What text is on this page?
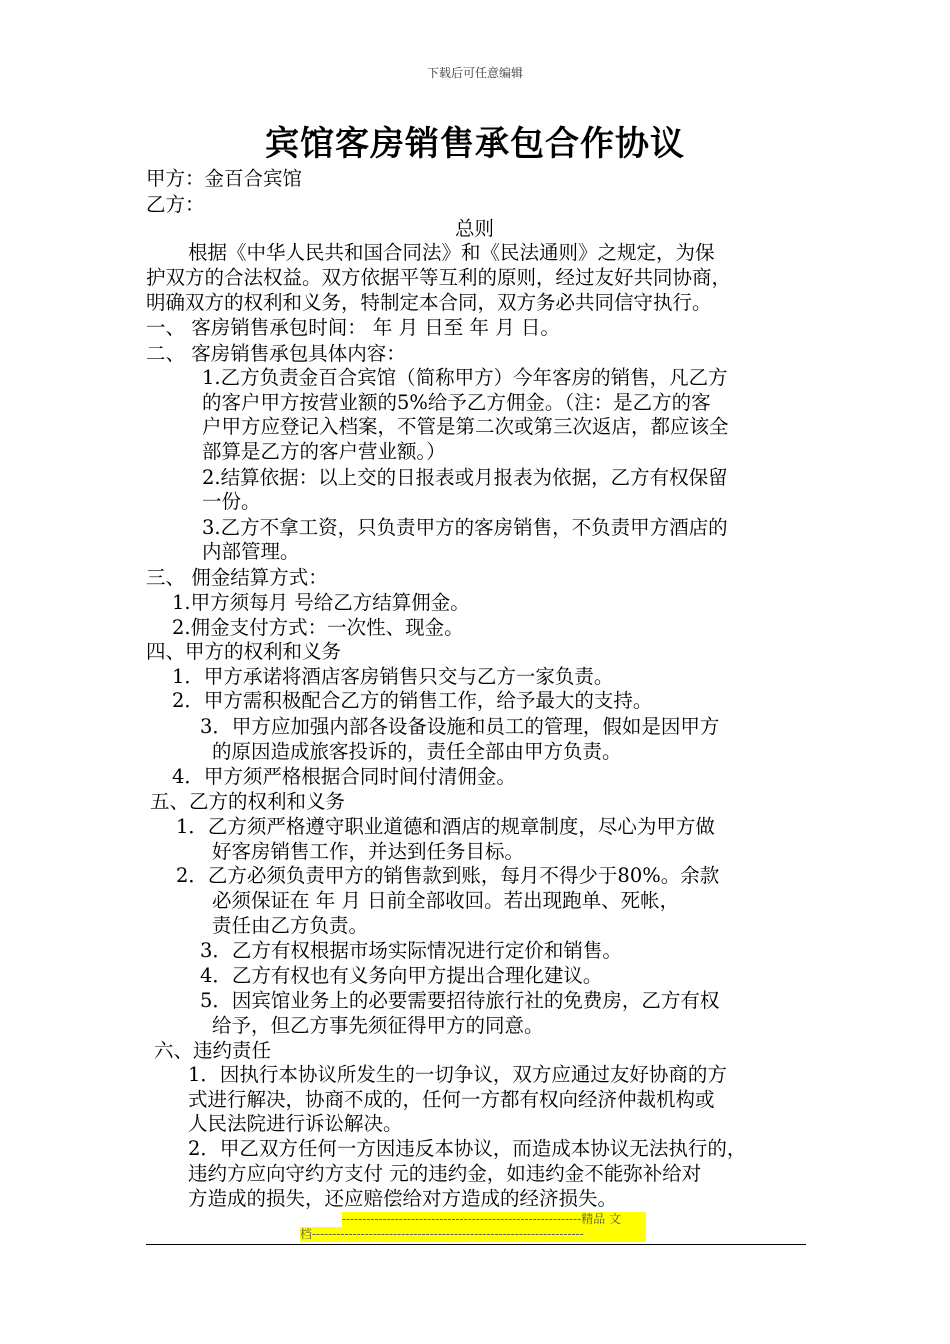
下载后可任意编辑
宾馆客房销售承包合作协议
甲方：金百合宾馆
乙方：
总则
根据《中华人民共和国合同法》和《民法通则》之规定，为保
护双方的合法权益。双方依据平等互利的原则，经过友好共同协商，
明确双方的权利和义务，特制定本合同，双方务必共同信守执行。
一、 客房销售承包时间： 年 月 日至 年 月 日。
二、 客房销售承包具体内容：
1.乙方负责金百合宾馆（简称甲方）今年客房的销售，凡乙方
的客户甲方按营业额的5%给予乙方佣金。（注：是乙方的客
户甲方应登记入档案，不管是第二次或第三次返店，都应该全
部算是乙方的客户营业额。）
2.结算依据：以上交的日报表或月报表为依据，乙方有权保留
一份。
3.乙方不拿工资，只负责甲方的客房销售，不负责甲方酒店的
内部管理。
三、 佣金结算方式：
1.甲方须每月 号给乙方结算佣金。
2.佣金支付方式：一次性、现金。
四、甲方的权利和义务
1．甲方承诺将酒店客房销售只交与乙方一家负责。
2．甲方需积极配合乙方的销售工作，给予最大的支持。
3．甲方应加强内部各设备设施和员工的管理，假如是因甲方
的原因造成旅客投诉的，责任全部由甲方负责。
4．甲方须严格根据合同时间付清佣金。
五、乙方的权利和义务
1．乙方须严格遵守职业道德和酒店的规章制度，尽心为甲方做
好客房销售工作，并达到任务目标。
2．乙方必须负责甲方的销售款到账，每月不得少于80%。余款
必须保证在 年 月 日前全部收回。若出现跑单、死帐，
责任由乙方负责。
3．乙方有权根据市场实际情况进行定价和销售。
4．乙方有权也有义务向甲方提出合理化建议。
5．因宾馆业务上的必要需要招待旅行社的免费房，乙方有权
给予，但乙方事先须征得甲方的同意。
六、违约责任
1．因执行本协议所发生的一切争议，双方应通过友好协商的方
式进行解决，协商不成的，任何一方都有权向经济仲裁机构或
人民法院进行诉讼解决。
2．甲乙双方任何一方因违反本协议，而造成本协议无法执行的，
违约方应向守约方支付 元的违约金，如违约金不能弥补给对
方造成的损失，还应赔偿给对方造成的经济损失。
-----------------------------------------------------------精品 文
档-------------------------------------------------------------------
